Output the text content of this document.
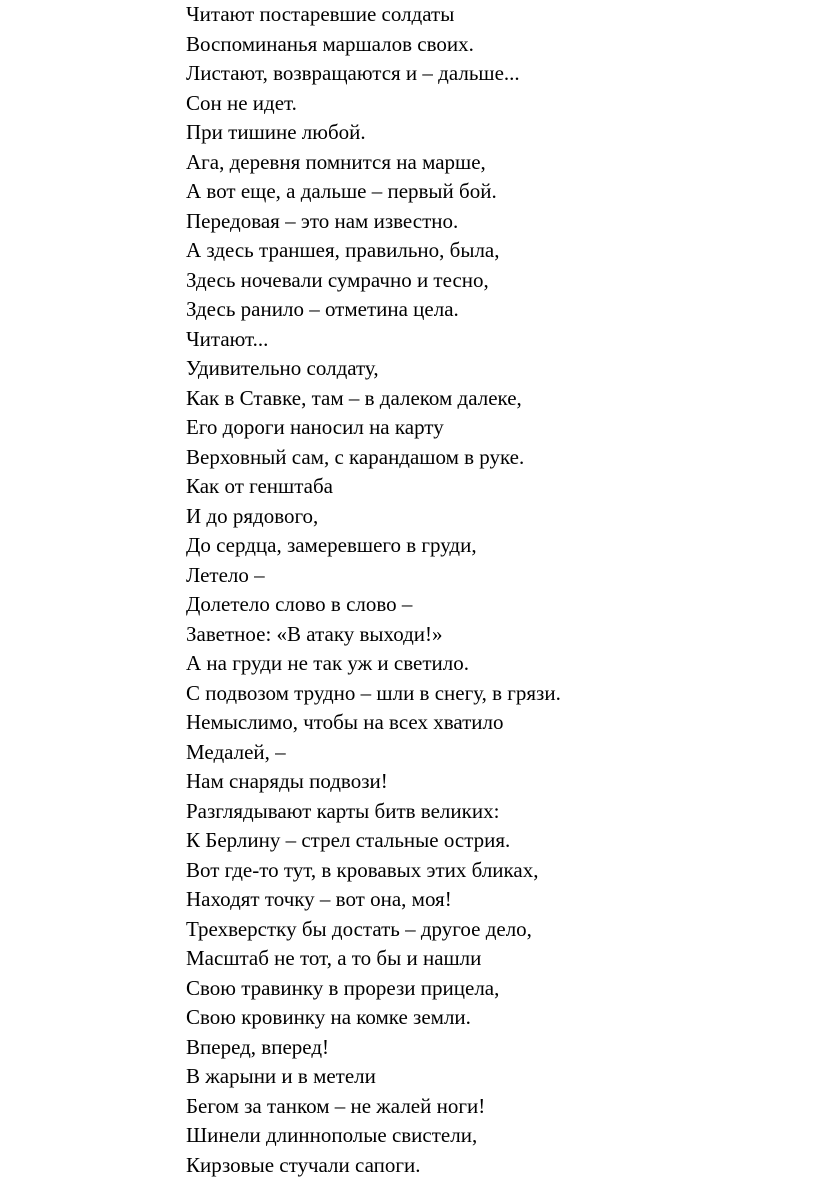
Читают постаревшие солдаты
Воспоминанья маршалов своих.
Листают, возвращаются и – дальше...
Сон не идет.
При тишине любой.
Ага, деревня помнится на марше,
А вот еще, а дальше – первый бой.
Передовая – это нам известно.
А здесь траншея, правильно, была,
Здесь ночевали сумрачно и тесно,
Здесь ранило – отметина цела.
Читают...
Удивительно солдату,
Как в Ставке, там – в далеком далеке,
Его дороги наносил на карту
Верховный сам, с карандашом в руке.
Как от генштаба
И до рядового,
До сердца, замеревшего в груди,
Летело –
Долетело слово в слово –
Заветное: «В атаку выходи!»
А на груди не так уж и светило.
С подвозом трудно – шли в снегу, в грязи.
Немыслимо, чтобы на всех хватило
Медалей, –
Нам снаряды подвози!
Разглядывают карты битв великих:
К Берлину – стрел стальные острия.
Вот где-то тут, в кровавых этих бликах,
Находят точку – вот она, моя!
Трехверстку бы достать – другое дело,
Масштаб не тот, а то бы и нашли
Свою травинку в прорези прицела,
Свою кровинку на комке земли.
Вперед, вперед!
В жарыни и в метели
Бегом за танком – не жалей ноги!
Шинели длиннополые свистели,
Кирзовые стучали сапоги.
